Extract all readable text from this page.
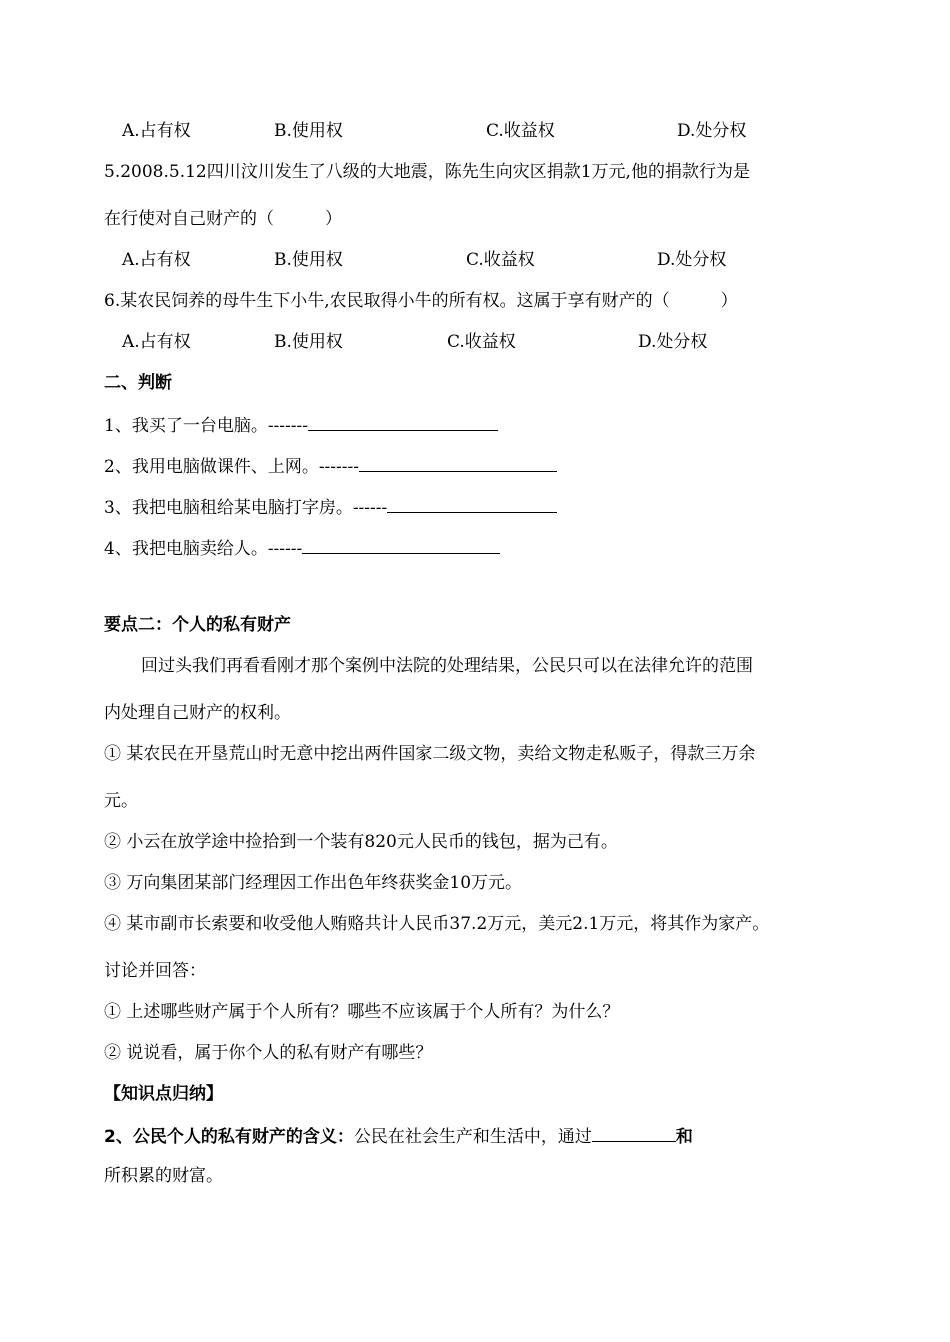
A.占有权	B.使用权	C.收益权	D.处分权
5.2008.5.12四川汶川发生了八级的大地震，陈先生向灾区捐款1万元,他的捐款行为是
在行使对自己财产的（　　　）
A.占有权	B.使用权	C.收益权	D.处分权
6.某农民饲养的母牛生下小牛,农民取得小牛的所有权。这属于享有财产的（　　　）
A.占有权	B.使用权	C.收益权	D.处分权
二、判断
1、我买了一台电脑。-------
2、我用电脑做课件、上网。-------
3、我把电脑租给某电脑打字房。------
4、我把电脑卖给人。------
要点二：个人的私有财产
回过头我们再看看刚才那个案例中法院的处理结果，公民只可以在法律允许的范围
内处理自己财产的权利。
① 某农民在开垦荒山时无意中挖出两件国家二级文物，卖给文物走私贩子，得款三万余
元。
② 小云在放学途中捡拾到一个装有820元人民币的钱包，据为己有。
③ 万向集团某部门经理因工作出色年终获奖金10万元。
④ 某市副市长索要和收受他人贿赂共计人民币37.2万元，美元2.1万元，将其作为家产。
讨论并回答：
① 上述哪些财产属于个人所有？哪些不应该属于个人所有？为什么？
② 说说看，属于你个人的私有财产有哪些？
【知识点归纳】
2、公民个人的私有财产的含义：公民在社会生产和生活中，通过	和
所积累的财富。
